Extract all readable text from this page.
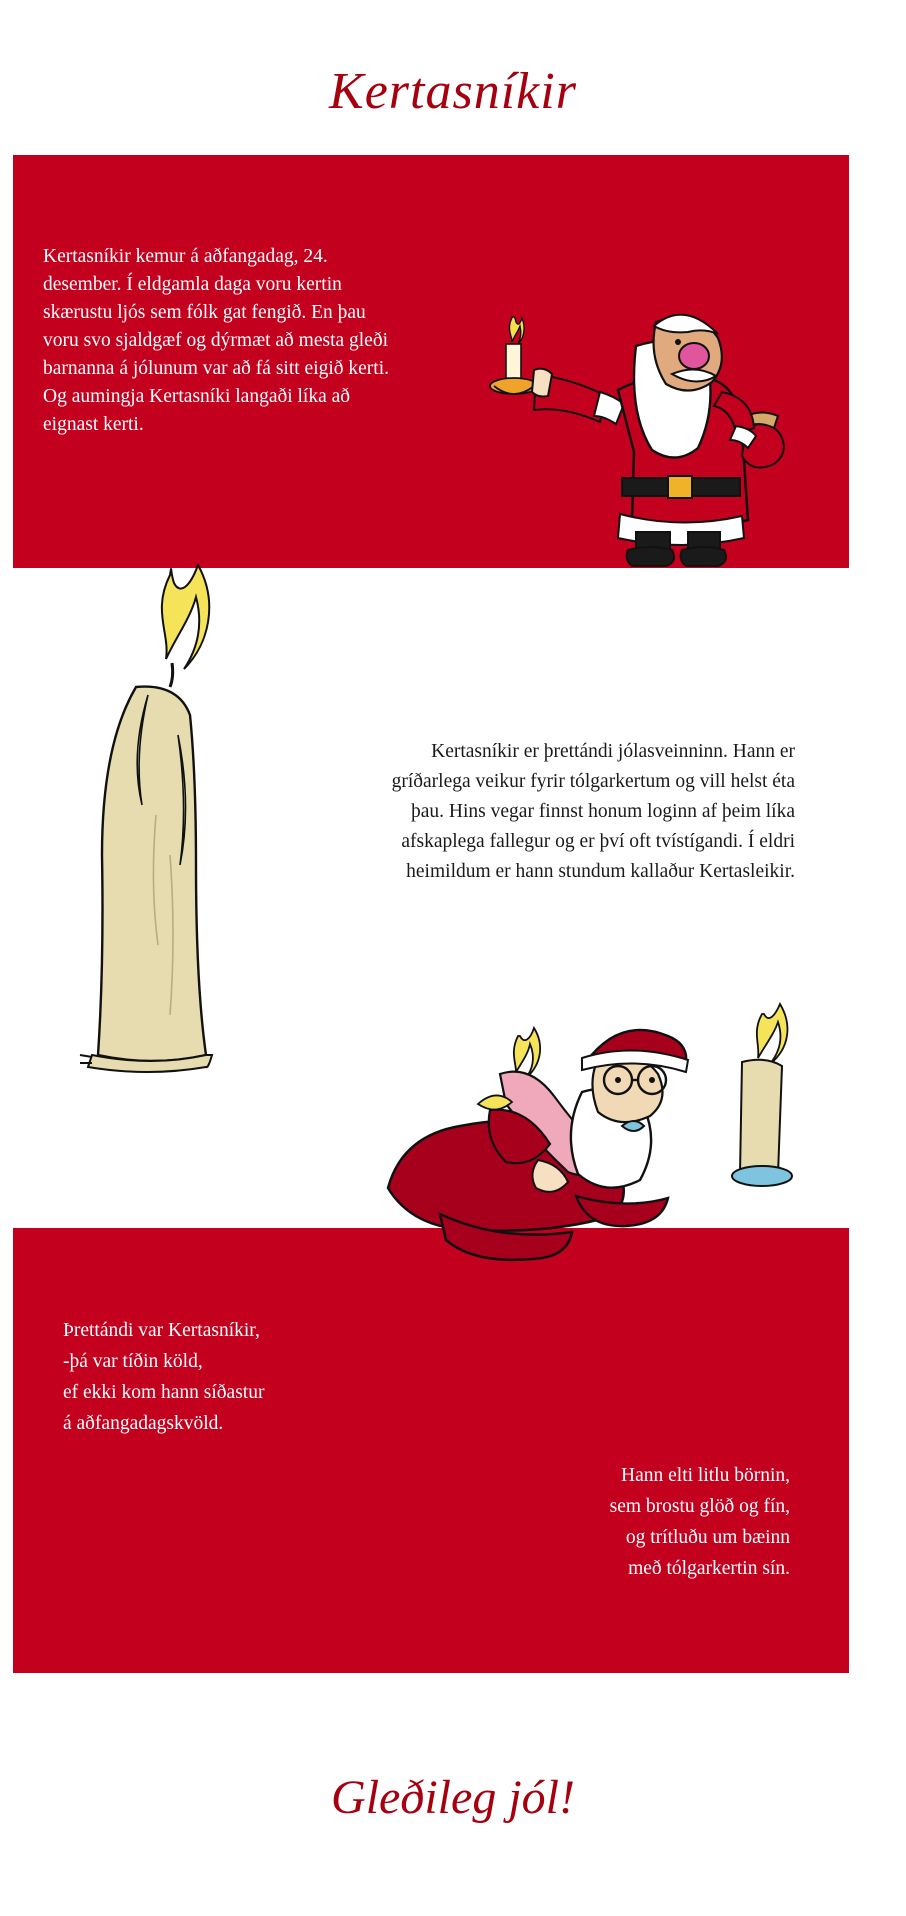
Kertasníkir
Kertasníkir kemur á aðfangadag, 24. desember. Í eldgamla daga voru kertin skærustu ljós sem fólk gat fengið. En þau voru svo sjaldgæf og dýrmæt að mesta gleði barnanna á jólunum var að fá sitt eigið kerti. Og aumingja Kertasníki langaði líka að eignast kerti.
Kertasníkir er þrettándi jólasveinninn. Hann er gríðarlega veikur fyrir tólgarkertum og vill helst éta þau. Hins vegar finnst honum loginn af þeim líka afskaplega fallegur og er því oft tvístígandi. Í eldri heimildum er hann stundum kallaður Kertasleikir.
Þrettándi var Kertasníkir,
-þá var tíðin köld,
ef ekki kom hann síðastur
á aðfangadagskvöld.
Hann elti litlu börnin,
sem brostu glöð og fín,
og trítluðu um bæinn
með tólgarkertin sín.
Gleðileg jól!
